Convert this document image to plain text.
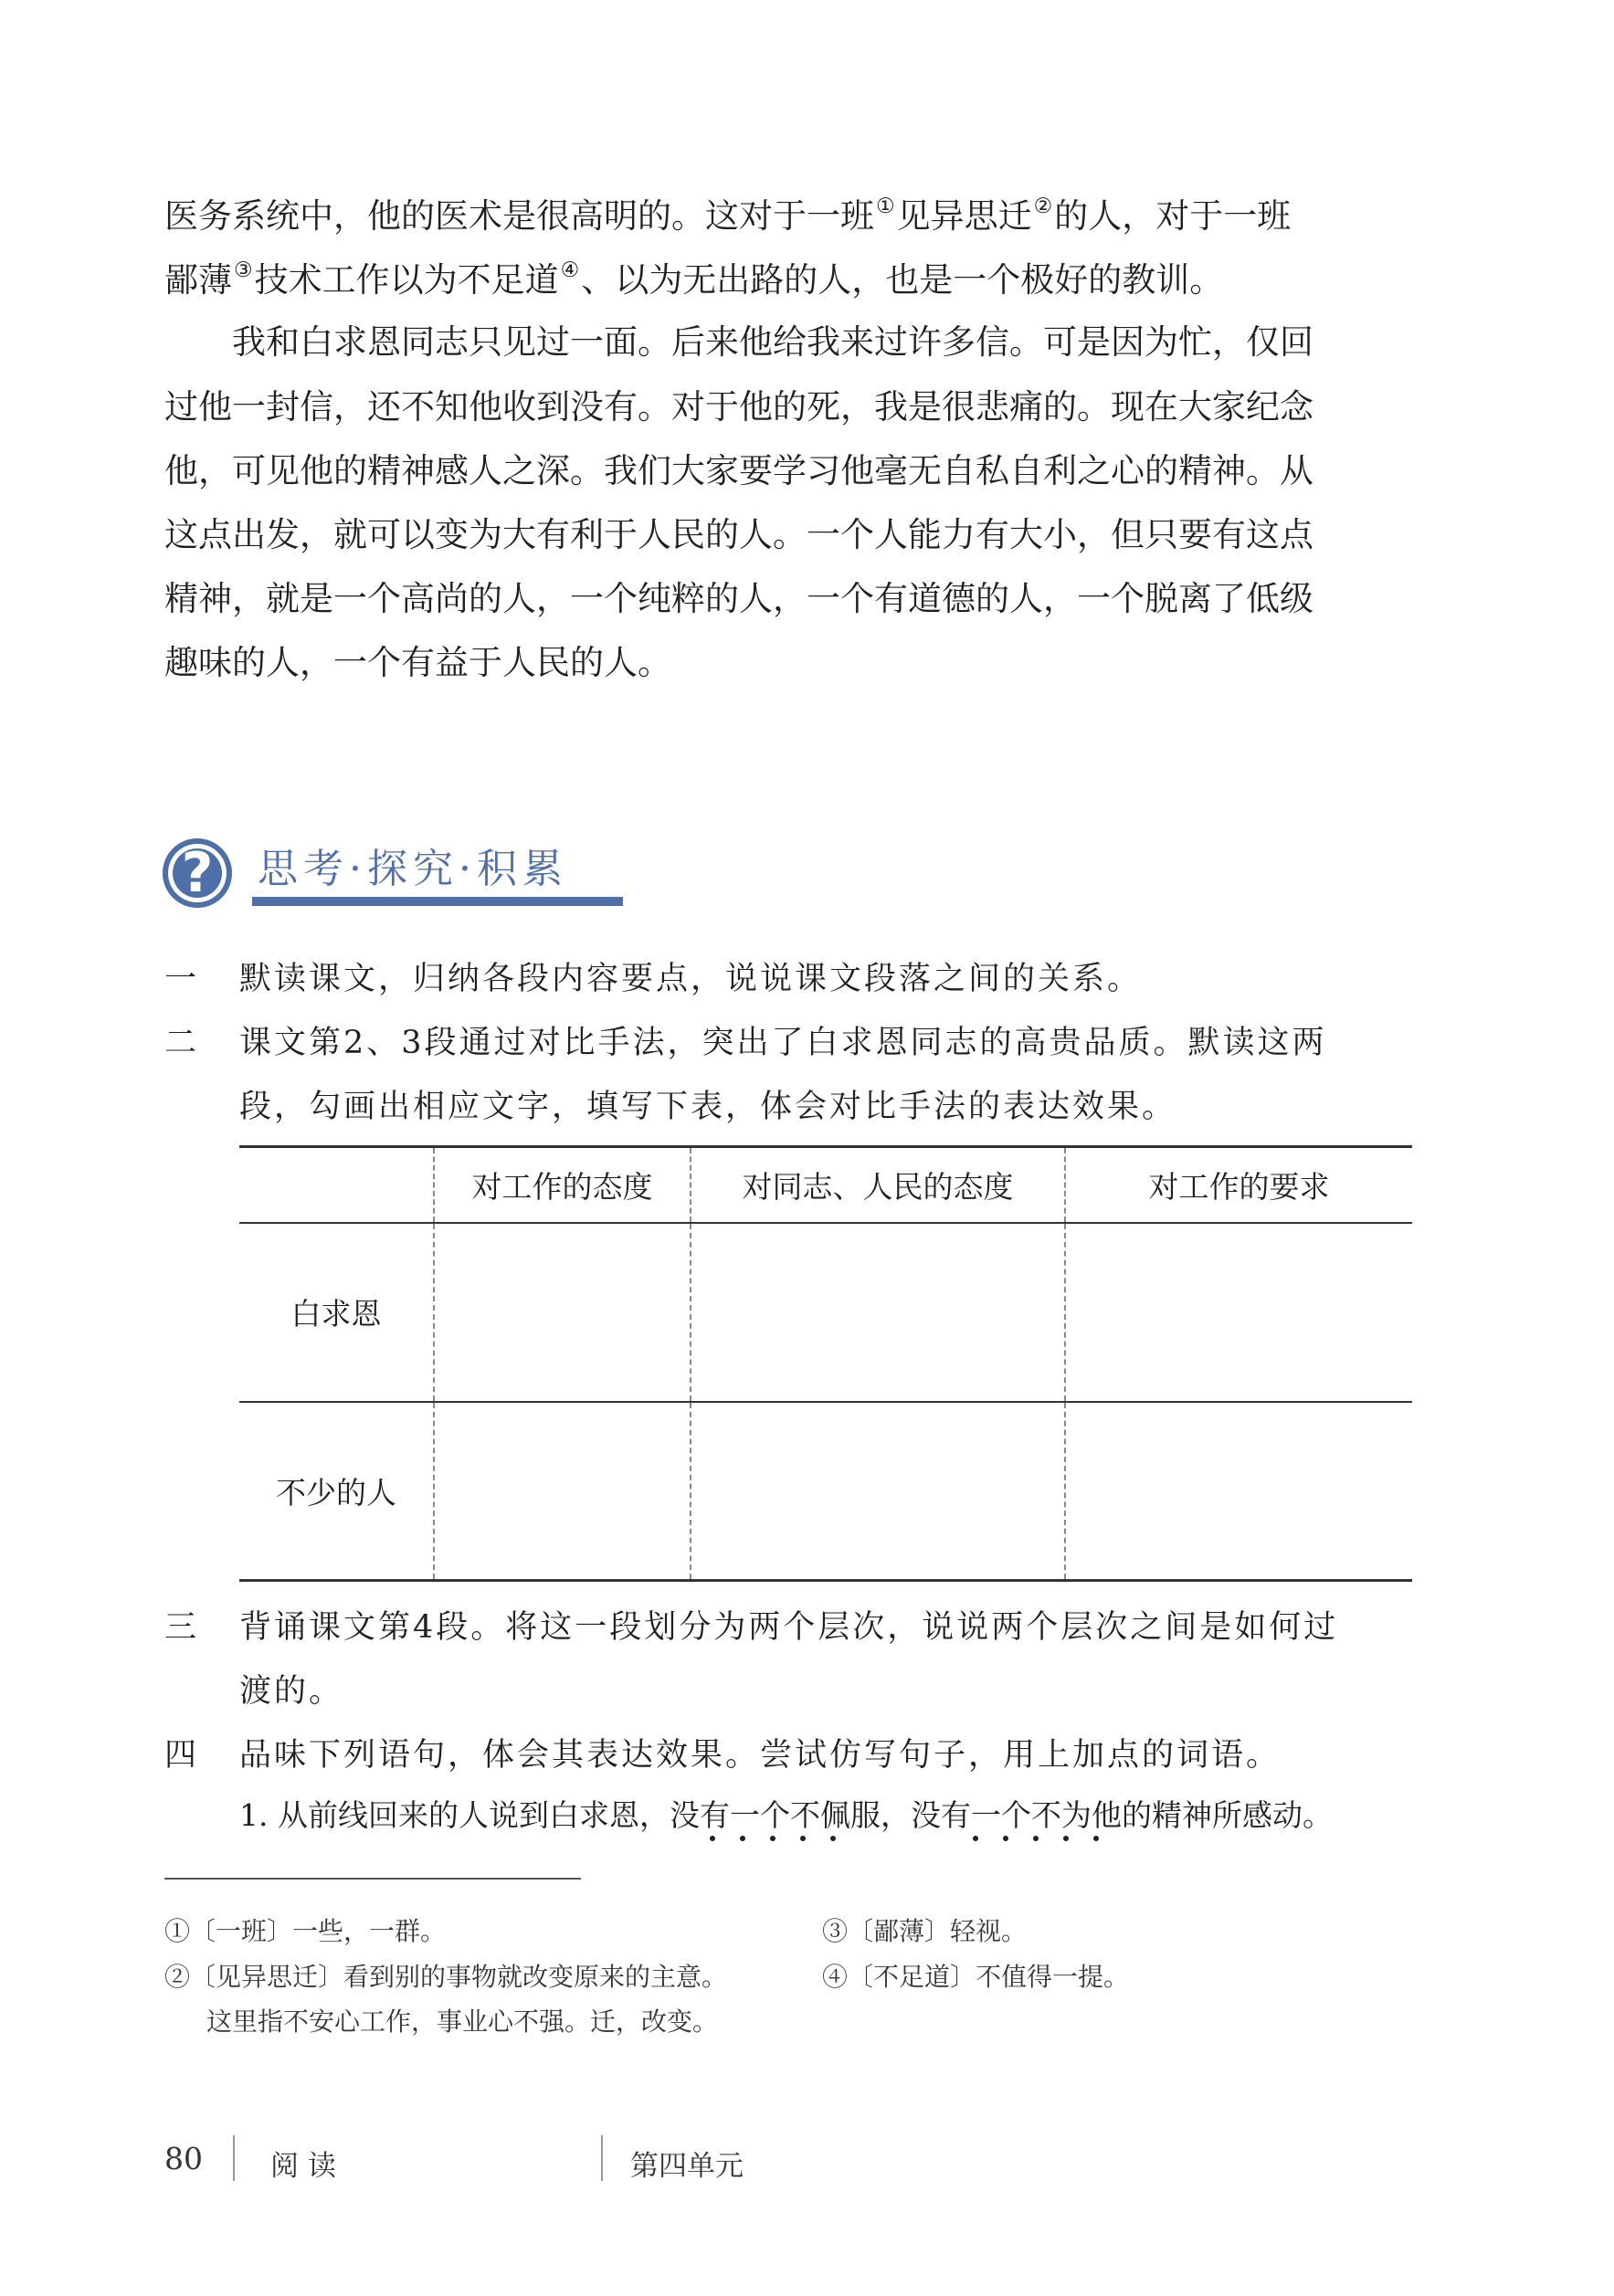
医务系统中，他的医术是很高明的。这对于一班①见异思迁②的人，对于一班
鄙薄③技术工作以为不足道④、以为无出路的人，也是一个极好的教训。
　　我和白求恩同志只见过一面。后来他给我来过许多信。可是因为忙，仅回
过他一封信，还不知他收到没有。对于他的死，我是很悲痛的。现在大家纪念
他，可见他的精神感人之深。我们大家要学习他毫无自私自利之心的精神。从
这点出发，就可以变为大有利于人民的人。一个人能力有大小，但只要有这点
精神，就是一个高尚的人，一个纯粹的人，一个有道德的人，一个脱离了低级
趣味的人，一个有益于人民的人。
? 思考·探究·积累
一 默读课文，归纳各段内容要点，说说课文段落之间的关系。
二 课文第2、3段通过对比手法，突出了白求恩同志的高贵品质。默读这两
段，勾画出相应文字，填写下表，体会对比手法的表达效果。
	对工作的态度	对同志、人民的态度	对工作的要求
白求恩			
不少的人			
三 背诵课文第4段。将这一段划分为两个层次，说说两个层次之间是如何过
渡的。
四 品味下列语句，体会其表达效果。尝试仿写句子，用上加点的词语。
1. 从前线回来的人说到白求恩，没有一个不佩服，没有一个不为他的精神所感动。
①〔一班〕一些，一群。
②〔见异思迁〕看到别的事物就改变原来的主意。
这里指不安心工作，事业心不强。迁，改变。
③〔鄙薄〕轻视。
④〔不足道〕不值得一提。
80 阅 读	第四单元
